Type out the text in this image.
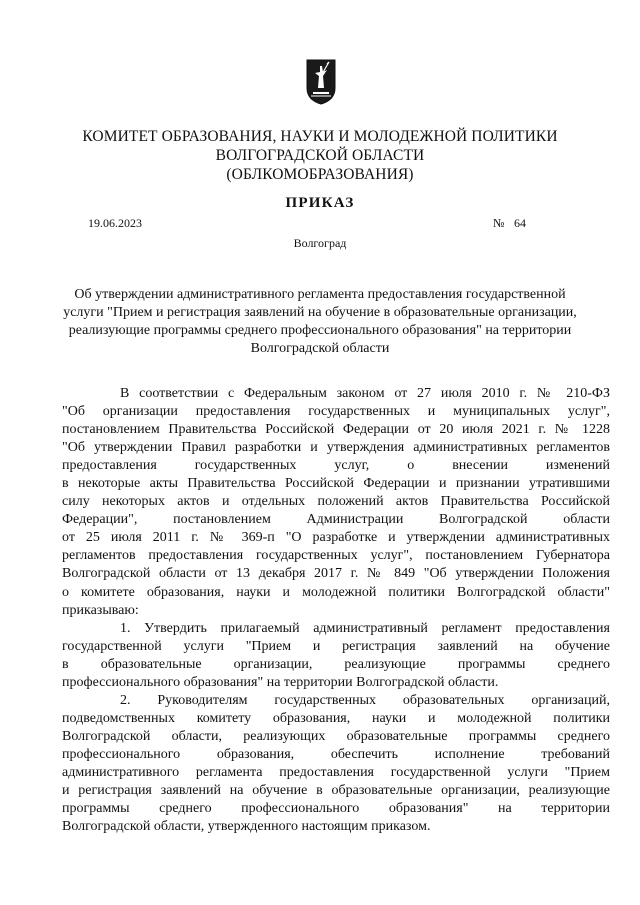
КОМИТЕТ ОБРАЗОВАНИЯ, НАУКИ И МОЛОДЕЖНОЙ ПОЛИТИКИ
ВОЛГОГРАДСКОЙ ОБЛАСТИ
(ОБЛКОМОБРАЗОВАНИЯ)
ПРИКАЗ
19.06.2023	№ 64
Волгоград
Об утверждении административного регламента предоставления государственной
услуги "Прием и регистрация заявлений на обучение в образовательные организации,
реализующие программы среднего профессионального образования" на территории
Волгоградской области
В соответствии с Федеральным законом от 27 июля 2010 г. № 210-ФЗ
"Об организации предоставления государственных и муниципальных услуг",
постановлением Правительства Российской Федерации от 20 июля 2021 г. № 1228
"Об утверждении Правил разработки и утверждения административных регламентов
предоставления государственных услуг, о внесении изменений
в некоторые акты Правительства Российской Федерации и признании утратившими
силу некоторых актов и отдельных положений актов Правительства Российской
Федерации", постановлением Администрации Волгоградской области
от 25 июля 2011 г. № 369-п "О разработке и утверждении административных
регламентов предоставления государственных услуг", постановлением Губернатора
Волгоградской области от 13 декабря 2017 г. № 849 "Об утверждении Положения
о комитете образования, науки и молодежной политики Волгоградской области"
приказываю:
1. Утвердить прилагаемый административный регламент предоставления
государственной услуги "Прием и регистрация заявлений на обучение
в образовательные организации, реализующие программы среднего
профессионального образования" на территории Волгоградской области.
2. Руководителям государственных образовательных организаций,
подведомственных комитету образования, науки и молодежной политики
Волгоградской области, реализующих образовательные программы среднего
профессионального образования, обеспечить исполнение требований
административного регламента предоставления государственной услуги "Прием
и регистрация заявлений на обучение в образовательные организации, реализующие
программы среднего профессионального образования" на территории
Волгоградской области, утвержденного настоящим приказом.
